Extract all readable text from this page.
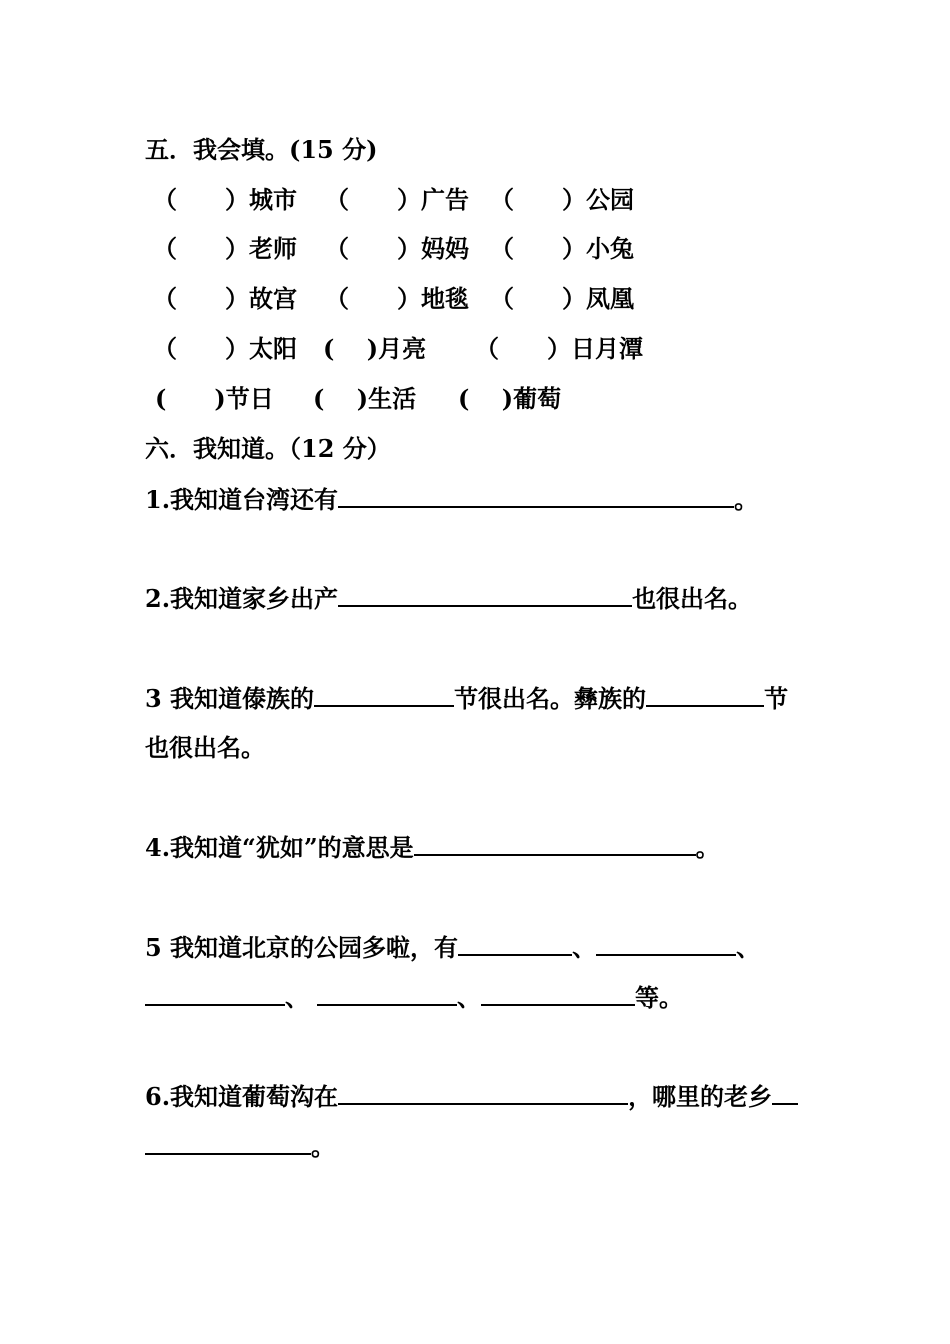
五．我会填。(15 分)
（　　）城市 （　　）广告 （　　）公园
（　　）老师 （　　）妈妈 （　　）小兔
（　　）故宫 （　　）地毯 （　　）凤凰
（　　）太阳 (　 )月亮 （　　）日月潭
(　　)节日 (　 )生活 (　 )葡萄
六．我知道。（12 分）
1.我知道台湾还有	。
2.我知道家乡出产	也很出名。
3 我知道傣族的	节很出名。彝族的	节
也很出名。
4.我知道“犹如”的意思是	。
5 我知道北京的公园多啦，有	、	、
、	、	等。
6.我知道葡萄沟在	，哪里的老乡
。
